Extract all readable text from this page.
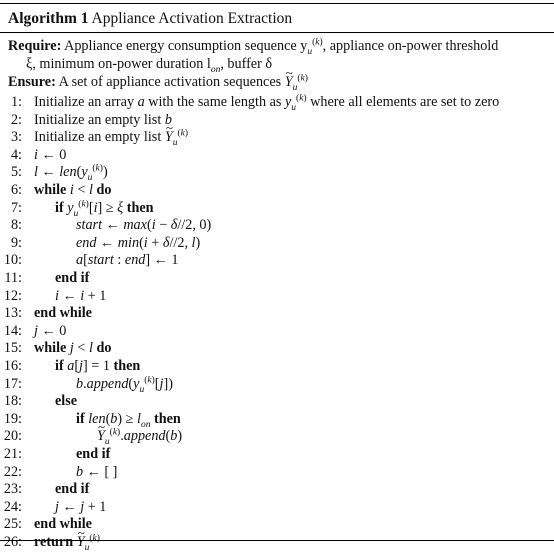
Algorithm 1 Appliance Activation Extraction
Require: Appliance energy consumption sequence $y_u^{(k)}$, appliance on-power threshold
ξ, minimum on-power duration $l_{on}$, buffer δ
Ensure: A set of appliance activation sequences ~ $Y_u^{(k)}$
1: Initialize an array a with the same length as $y_u^{(k)}$ where all elements are set to zero
2: Initialize an empty list b
3: Initialize an empty list ~ $Y_u^{(k)}$
4: i ← 0
5: l ← $len(y_u^{(k)})$
6: while i < l do
7:	if $y_u^{(k)}[i] \ge \xi$ then
8:	start ← max(i − δ//2, 0)
9:	end ← min(i + δ//2, l)
10:	a[start : end] ← 1
11:	end if
12:	i ← i + 1
13: end while
14: j ← 0
15: while j < l do
16:	if a[j] = 1 then
17:	$b.append(y_u^{(k)}[j])$
18:	else
19:	if $len(b) \ge l_{on}$ then
20:	~ $Y_u^{(k)}.append(b)$
21:	end if
22:	b ← [ ]
23:	end if
24:	j ← j + 1
25: end while
26: return ~ $Y_u^{(k)}$
